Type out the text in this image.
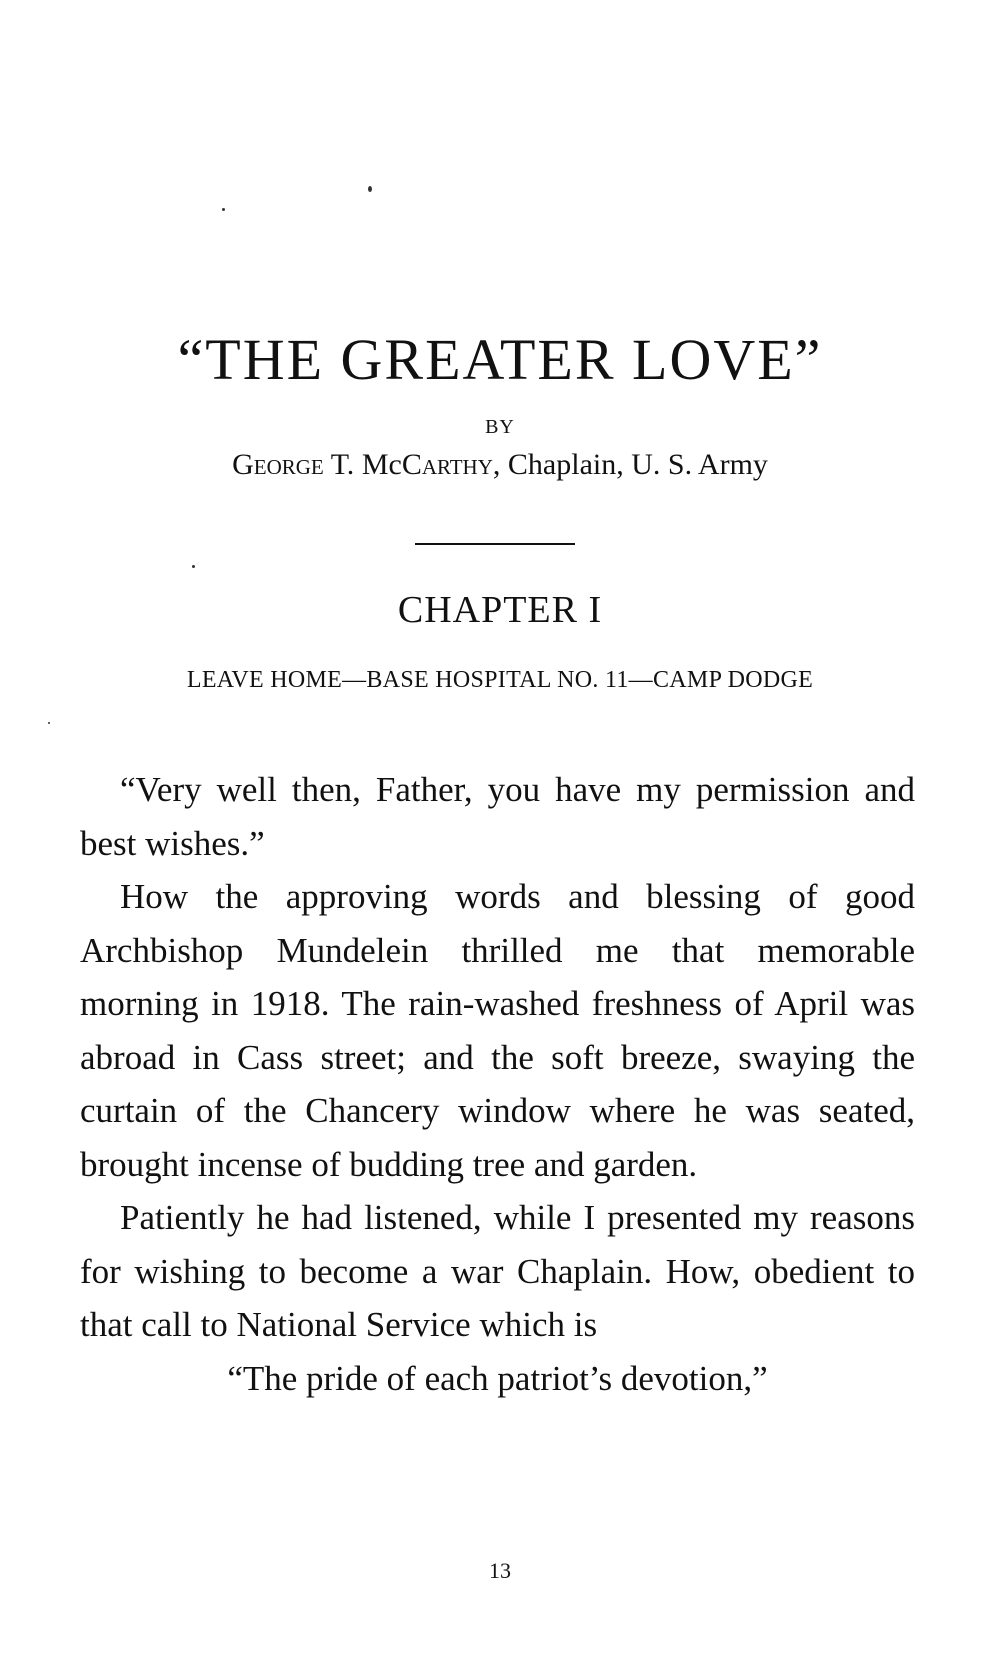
“THE GREATER LOVE”
BY
George T. McCarthy, Chaplain, U. S. Army
CHAPTER I
LEAVE HOME—BASE HOSPITAL NO. 11—CAMP DODGE

“Very well then, Father, you have my permission and best wishes.”

How the approving words and blessing of good Archbishop Mundelein thrilled me that memorable morning in 1918. The rain-washed freshness of April was abroad in Cass street; and the soft breeze, swaying the curtain of the Chancery window where he was seated, brought incense of budding tree and garden.

Patiently he had listened, while I presented my reasons for wishing to become a war Chaplain. How, obedient to that call to National Service which is

“The pride of each patriot’s devotion,”

13
